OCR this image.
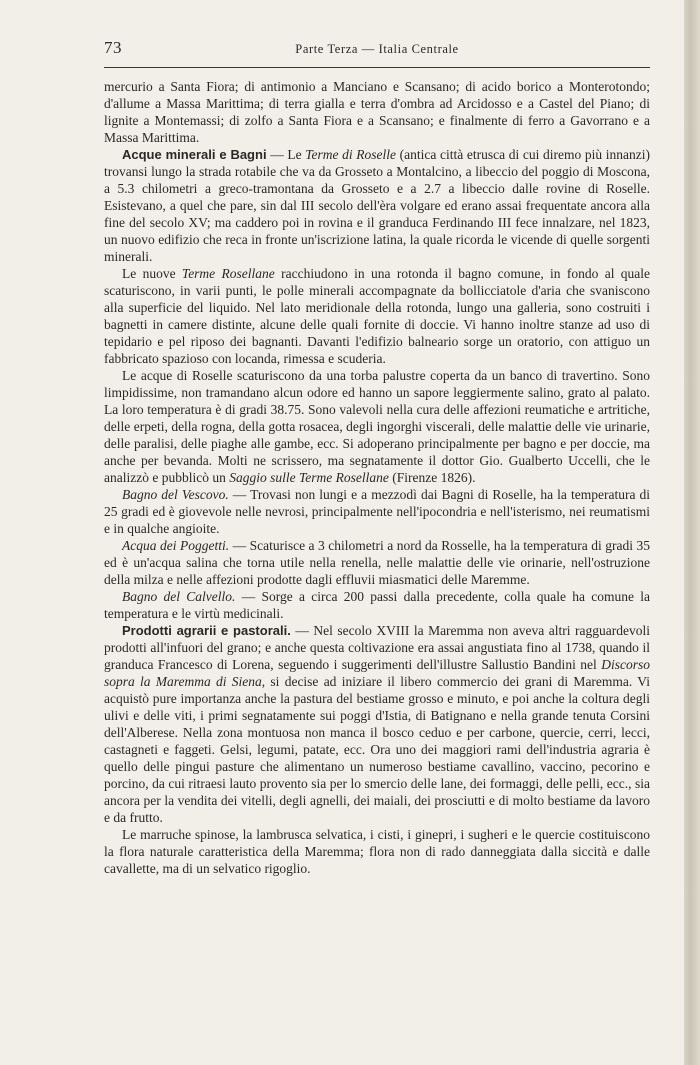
73	Parte Terza — Italia Centrale

mercurio a Santa Fiora; di antimonio a Manciano e Scansano; di acido borico a Monterotondo; d'allume a Massa Marittima; di terra gialla e terra d'ombra ad Arcidosso e a Castel del Piano; di lignite a Montemassi; di zolfo a Santa Fiora e a Scansano; e finalmente di ferro a Gavorrano e a Massa Marittima.

Acque minerali e Bagni — Le Terme di Roselle (antica città etrusca di cui diremo più innanzi) trovansi lungo la strada rotabile che va da Grosseto a Montalcino, a libeccio del poggio di Moscona, a 5.3 chilometri a greco-tramontana da Grosseto e a 2.7 a libeccio dalle rovine di Roselle. Esistevano, a quel che pare, sin dal III secolo dell'èra volgare ed erano assai frequentate ancora alla fine del secolo XV; ma caddero poi in rovina e il granduca Ferdinando III fece innalzare, nel 1823, un nuovo edifizio che reca in fronte un'iscrizione latina, la quale ricorda le vicende di quelle sorgenti minerali.

Le nuove Terme Rosellane racchiudono in una rotonda il bagno comune, in fondo al quale scaturiscono, in varii punti, le polle minerali accompagnate da bollicciatole d'aria che svaniscono alla superficie del liquido. Nel lato meridionale della rotonda, lungo una galleria, sono costruiti i bagnetti in camere distinte, alcune delle quali fornite di doccie. Vi hanno inoltre stanze ad uso di tepidario e pel riposo dei bagnanti. Davanti l'edifizio balneario sorge un oratorio, con attiguo un fabbricato spazioso con locanda, rimessa e scuderia.

Le acque di Roselle scaturiscono da una torba palustre coperta da un banco di travertino. Sono limpidissime, non tramandano alcun odore ed hanno un sapore leggiermente salino, grato al palato. La loro temperatura è di gradi 38.75. Sono valevoli nella cura delle affezioni reumatiche e artritiche, delle erpeti, della rogna, della gotta rosacea, degli ingorghi viscerali, delle malattie delle vie urinarie, delle paralisi, delle piaghe alle gambe, ecc. Si adoperano principalmente per bagno e per doccie, ma anche per bevanda. Molti ne scrissero, ma segnatamente il dottor Gio. Gualberto Uccelli, che le analizzò e pubblicò un Saggio sulle Terme Rosellane (Firenze 1826).

Bagno del Vescovo. — Trovasi non lungi e a mezzodì dai Bagni di Roselle, ha la temperatura di 25 gradi ed è giovevole nelle nevrosi, principalmente nell'ipocondria e nell'isterismo, nei reumatismi e in qualche angioite.

Acqua dei Poggetti. — Scaturisce a 3 chilometri a nord da Rosselle, ha la temperatura di gradi 35 ed è un'acqua salina che torna utile nella renella, nelle malattie delle vie orinarie, nell'ostruzione della milza e nelle affezioni prodotte dagli effluvii miasmatici delle Maremme.

Bagno del Calvello. — Sorge a circa 200 passi dalla precedente, colla quale ha comune la temperatura e le virtù medicinali.

Prodotti agrarii e pastorali. — Nel secolo XVIII la Maremma non aveva altri ragguardevoli prodotti all'infuori del grano; e anche questa coltivazione era assai angustiata fino al 1738, quando il granduca Francesco di Lorena, seguendo i suggerimenti dell'illustre Sallustio Bandini nel Discorso sopra la Maremma di Siena, si decise ad iniziare il libero commercio dei grani di Maremma. Vi acquistò pure importanza anche la pastura del bestiame grosso e minuto, e poi anche la coltura degli ulivi e delle viti, i primi segnatamente sui poggi d'Istia, di Batignano e nella grande tenuta Corsini dell'Alberese. Nella zona montuosa non manca il bosco ceduo e per carbone, quercie, cerri, lecci, castagneti e faggeti. Gelsi, legumi, patate, ecc. Ora uno dei maggiori rami dell'industria agraria è quello delle pingui pasture che alimentano un numeroso bestiame cavallino, vaccino, pecorino e porcino, da cui ritraesi lauto provento sia per lo smercio delle lane, dei formaggi, delle pelli, ecc., sia ancora per la vendita dei vitelli, degli agnelli, dei maiali, dei prosciutti e di molto bestiame da lavoro e da frutto.

Le marruche spinose, la lambrusca selvatica, i cisti, i ginepri, i sugheri e le quercie costituiscono la flora naturale caratteristica della Maremma; flora non di rado danneggiata dalla siccità e dalle cavallette, ma di un selvatico rigoglio.
